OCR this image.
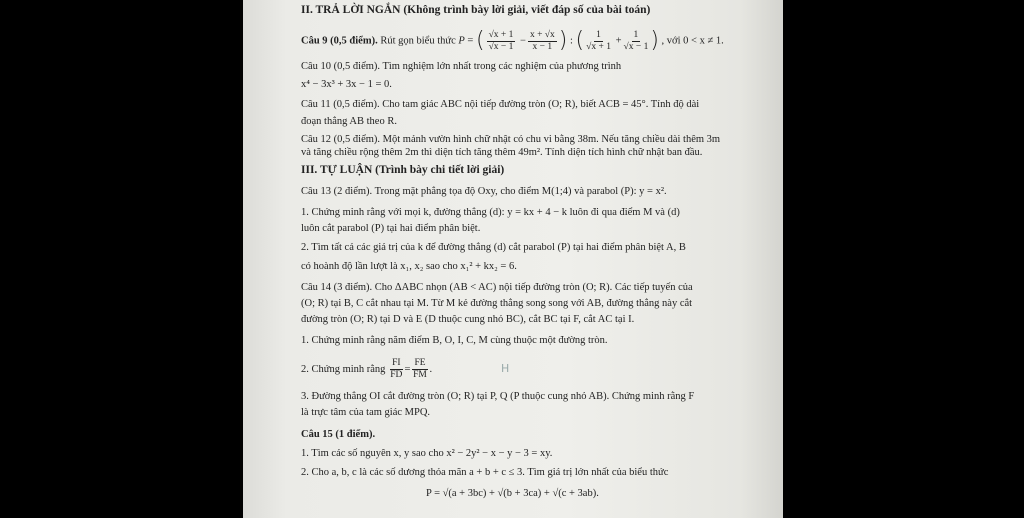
II. TRẢ LỜI NGẮN (Không trình bày lời giải, viết đáp số của bài toán)
Câu 9 (0,5 điểm). Rút gọn biểu thức P = ( $\frac{√x + 1}{√x - 1} - \frac{x + √x}{x - 1}$ ) : ( $\frac{1}{√x + 1} + \frac{1}{√x - 1}$ ) , với 0 < x ≠ 1.
Câu 10 (0,5 điểm). Tìm nghiệm lớn nhất trong các nghiệm của phương trình
x⁴ − 3x³ + 3x − 1 = 0.
Câu 11 (0,5 điểm). Cho tam giác ABC nội tiếp đường tròn (O; R), biết ACB = 45°. Tính độ dài
đoạn thẳng AB theo R.
Câu 12 (0,5 điểm). Một mảnh vườn hình chữ nhật có chu vi bằng 38m. Nếu tăng chiều dài thêm 3m
và tăng chiều rộng thêm 2m thì diện tích tăng thêm 49m². Tính diện tích hình chữ nhật ban đầu.
III. TỰ LUẬN (Trình bày chi tiết lời giải)
Câu 13 (2 điểm). Trong mặt phẳng tọa độ Oxy, cho điểm M(1;4) và parabol (P): y = x².
1. Chứng minh rằng với mọi k, đường thẳng (d): y = kx + 4 − k luôn đi qua điểm M và (d)
luôn cắt parabol (P) tại hai điểm phân biệt.
2. Tìm tất cả các giá trị của k để đường thẳng (d) cắt parabol (P) tại hai điểm phân biệt A, B
có hoành độ lần lượt là x₁, x₂ sao cho x₁² + kx₂ = 6.
Câu 14 (3 điểm). Cho ΔABC nhọn (AB < AC) nội tiếp đường tròn (O; R). Các tiếp tuyến của
(O; R) tại B, C cắt nhau tại M. Từ M kẻ đường thẳng song song với AB, đường thẳng này cắt
đường tròn (O; R) tại D và E (D thuộc cung nhỏ BC), cắt BC tại F, cắt AC tại I.
1. Chứng minh rằng năm điểm B, O, I, C, M cùng thuộc một đường tròn.
2. Chứng minh rằng $\frac{FI}{FD} = \frac{FE}{FM}$ .	H
3. Đường thẳng OI cắt đường tròn (O; R) tại P, Q (P thuộc cung nhỏ AB). Chứng minh rằng F
là trực tâm của tam giác MPQ.
Câu 15 (1 điểm).
1. Tìm các số nguyên x, y sao cho x² − 2y² − x − y − 3 = xy.
2. Cho a, b, c là các số dương thỏa mãn a + b + c ≤ 3. Tìm giá trị lớn nhất của biểu thức
P = √(a + 3bc) + √(b + 3ca) + √(c + 3ab).
